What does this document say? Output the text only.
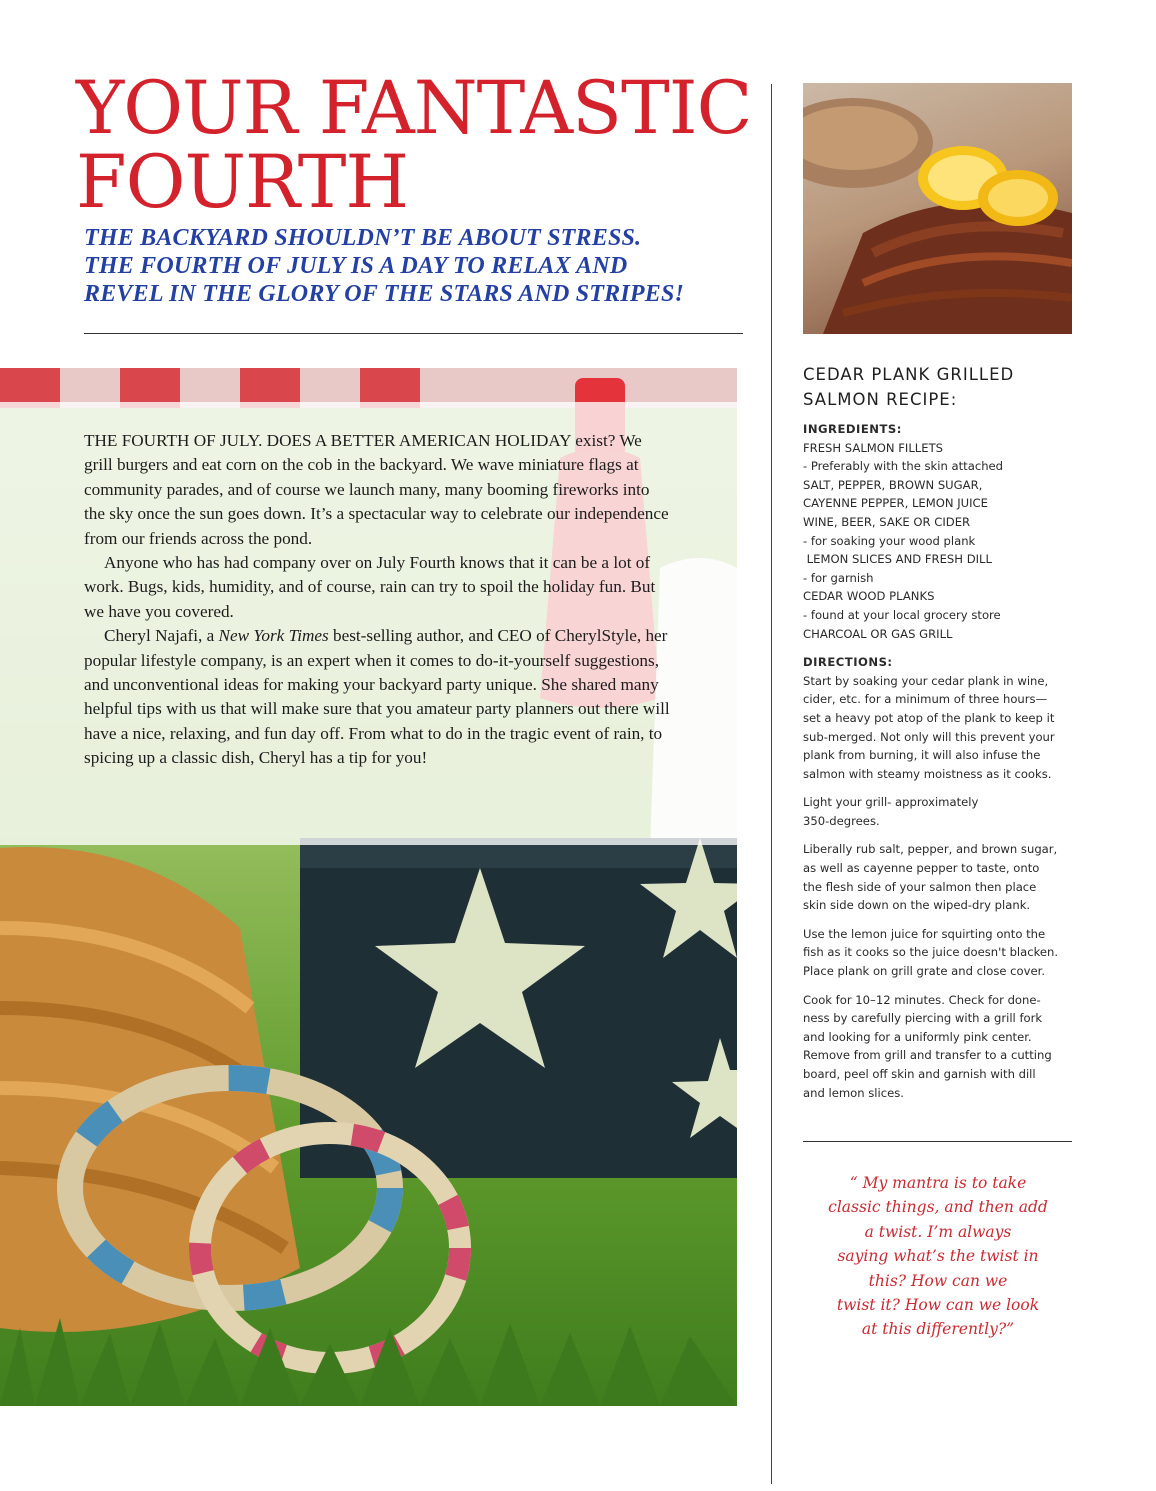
YOUR FANTASTIC
FOURTH
THE BACKYARD SHOULDN’T BE ABOUT STRESS.
THE FOURTH OF JULY IS A DAY TO RELAX AND
REVEL IN THE GLORY OF THE STARS AND STRIPES!

THE FOURTH OF JULY. DOES A BETTER AMERICAN HOLIDAY exist? We grill burgers and eat corn on the cob in the backyard. We wave miniature flags at community parades, and of course we launch many, many booming fireworks into the sky once the sun goes down. It’s a spectacular way to celebrate our independence from our friends across the pond.

Anyone who has had company over on July Fourth knows that it can be a lot of work. Bugs, kids, humidity, and of course, rain can try to spoil the holiday fun. But we have you covered.

Cheryl Najafi, a New York Times best-selling author, and CEO of CherylStyle, her popular lifestyle company, is an expert when it comes to do-it-yourself suggestions, and unconventional ideas for making your backyard party unique. She shared many helpful tips with us that will make sure that you amateur party planners out there will have a nice, relaxing, and fun day off. From what to do in the tragic event of rain, to spicing up a classic dish, Cheryl has a tip for you!

CEDAR PLANK GRILLED
SALMON RECIPE:
INGREDIENTS:
FRESH SALMON FILLETS
- Preferably with the skin attached
SALT, PEPPER, BROWN SUGAR,
CAYENNE PEPPER, LEMON JUICE
WINE, BEER, SAKE OR CIDER
- for soaking your wood plank
LEMON SLICES AND FRESH DILL
- for garnish
CEDAR WOOD PLANKS
- found at your local grocery store
CHARCOAL OR GAS GRILL
DIRECTIONS:

Start by soaking your cedar plank in wine,
cider, etc. for a minimum of three hours—
set a heavy pot atop of the plank to keep it
sub-merged. Not only will this prevent your
plank from burning, it will also infuse the
salmon with steamy moistness as it cooks.

Light your grill- approximately
350-degrees.

Liberally rub salt, pepper, and brown sugar,
as well as cayenne pepper to taste, onto
the flesh side of your salmon then place
skin side down on the wiped-dry plank.

Use the lemon juice for squirting onto the
fish as it cooks so the juice doesn't blacken.
Place plank on grill grate and close cover.

Cook for 10–12 minutes. Check for done-
ness by carefully piercing with a grill fork
and looking for a uniformly pink center.
Remove from grill and transfer to a cutting
board, peel off skin and garnish with dill
and lemon slices.

“ My mantra is to take
classic things, and then add
a twist. I’m always
saying what’s the twist in
this? How can we
twist it? How can we look
at this differently?”
